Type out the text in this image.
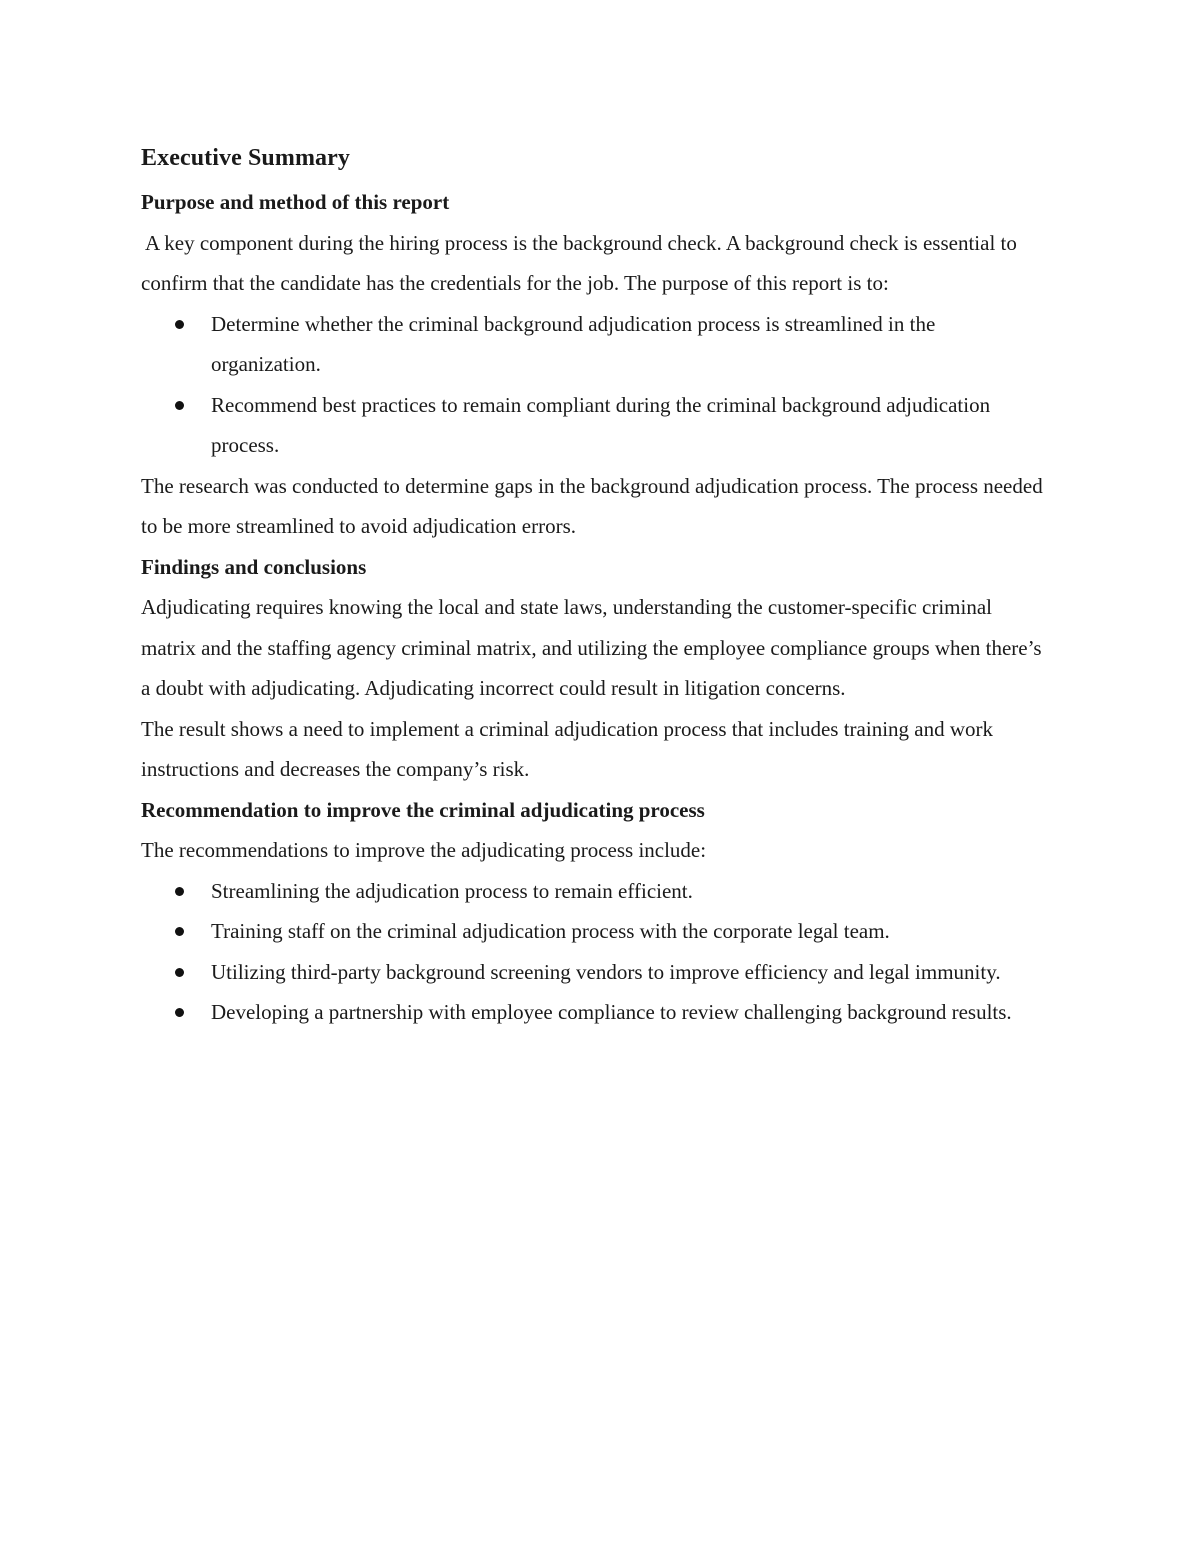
Executive Summary
Purpose and method of this report

A key component during the hiring process is the background check. A background check is essential to confirm that the candidate has the credentials for the job. The purpose of this report is to:

Determine whether the criminal background adjudication process is streamlined in the organization.
Recommend best practices to remain compliant during the criminal background adjudication process.

The research was conducted to determine gaps in the background adjudication process. The process needed to be more streamlined to avoid adjudication errors.

Findings and conclusions

Adjudicating requires knowing the local and state laws, understanding the customer-specific criminal matrix and the staffing agency criminal matrix, and utilizing the employee compliance groups when there’s a doubt with adjudicating. Adjudicating incorrect could result in litigation concerns.

The result shows a need to implement a criminal adjudication process that includes training and work instructions and decreases the company’s risk.

Recommendation to improve the criminal adjudicating process

The recommendations to improve the adjudicating process include:

Streamlining the adjudication process to remain efficient.
Training staff on the criminal adjudication process with the corporate legal team.
Utilizing third-party background screening vendors to improve efficiency and legal immunity.
Developing a partnership with employee compliance to review challenging background results.
